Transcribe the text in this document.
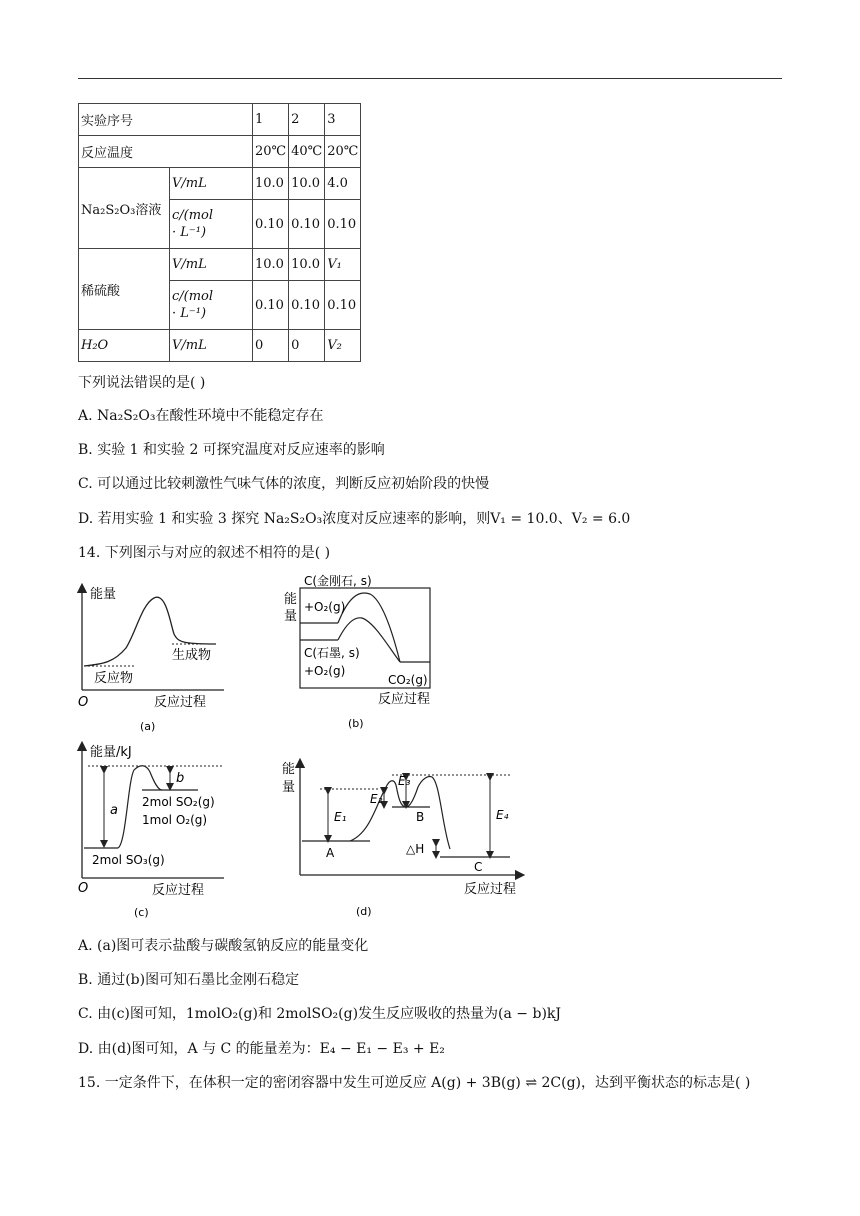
实验序号		1	2	3
反应温度		20℃	40℃	20℃
Na₂S₂O₃溶液	V/mL	10.0	10.0	4.0
	c/(mol
· L⁻¹)	0.10	0.10	0.10
稀硫酸	V/mL	10.0	10.0	V₁
	c/(mol
· L⁻¹)	0.10	0.10	0.10
H₂O	V/mL	0	0	V₂
下列说法错误的是( )
A. Na₂S₂O₃在酸性环境中不能稳定存在
B. 实验 1 和实验 2 可探究温度对反应速率的影响
C. 可以通过比较刺激性气味气体的浓度，判断反应初始阶段的快慢
D. 若用实验 1 和实验 3 探究 Na₂S₂O₃浓度对反应速率的影响，则V₁ = 10.0、V₂ = 6.0
14. 下列图示与对应的叙述不相符的是( )
能量
生成物
反应物
O	反应过程
(a)
能
量
C(金刚石, s)
+O₂(g)
C(石墨, s)
+O₂(g)
CO₂(g)
反应过程
(b)
能量/kJ
a
b
2mol SO₂(g)
1mol O₂(g)
2mol SO₃(g)
O	反应过程
(c)
能
量
E₁
E₂
E₃
E₄
A
B
C
△H
反应过程
(d)
A. (a)图可表示盐酸与碳酸氢钠反应的能量变化
B. 通过(b)图可知石墨比金刚石稳定
C. 由(c)图可知，1molO₂(g)和 2molSO₂(g)发生反应吸收的热量为(a − b)kJ
D. 由(d)图可知，A 与 C 的能量差为：E₄ − E₁ − E₃ + E₂
15. 一定条件下，在体积一定的密闭容器中发生可逆反应 A(g) + 3B(g) ⇌ 2C(g)，达到平衡状态的标志是( )
